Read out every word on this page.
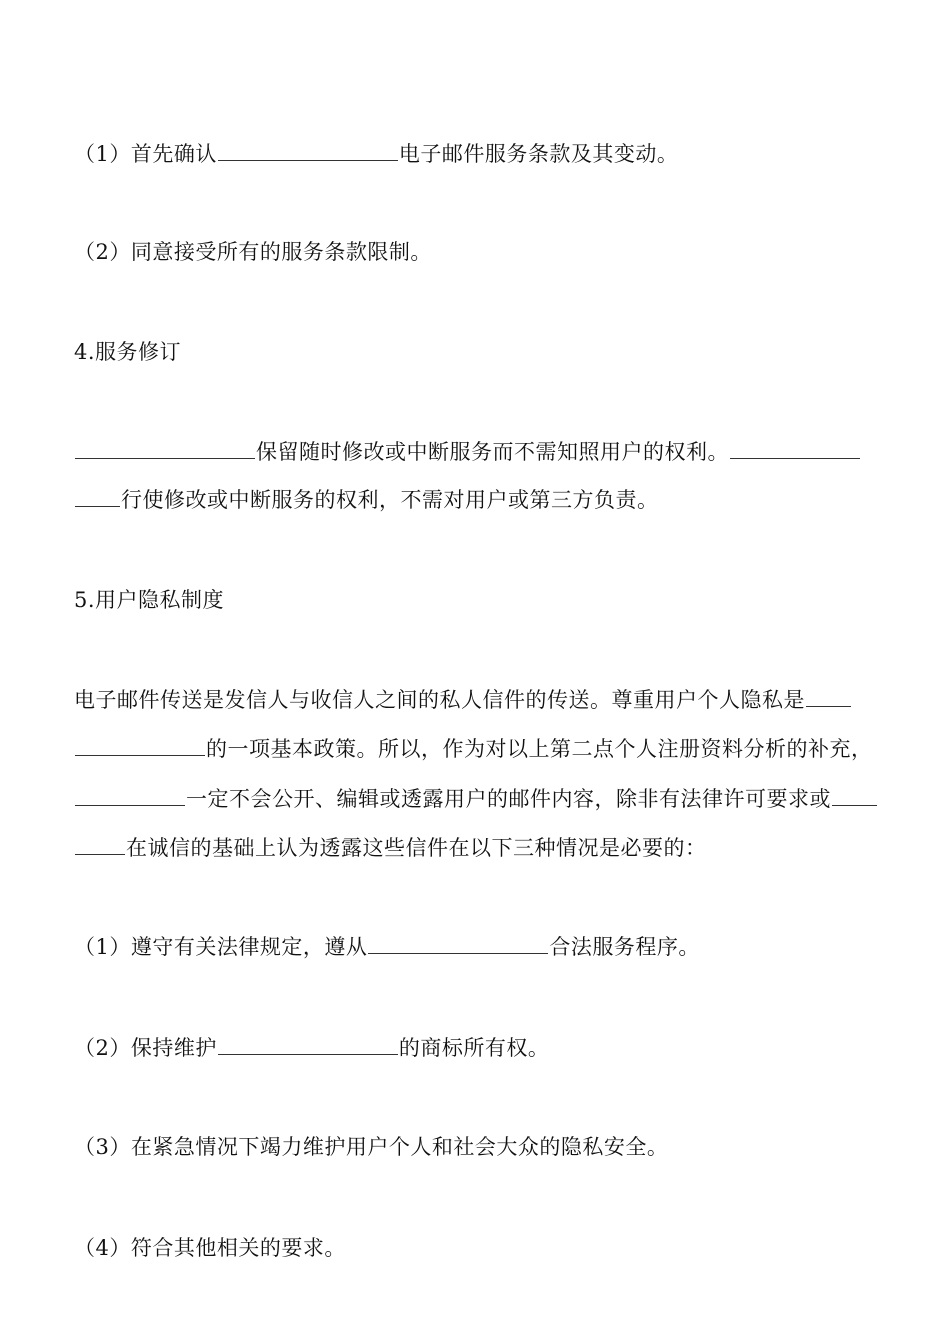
（1）首先确认	电子邮件服务条款及其变动。
（2）同意接受所有的服务条款限制。
4.服务修订
保留随时修改或中断服务而不需知照用户的权利。
行使修改或中断服务的权利，不需对用户或第三方负责。
5.用户隐私制度
电子邮件传送是发信人与收信人之间的私人信件的传送。尊重用户个人隐私是
的一项基本政策。所以，作为对以上第二点个人注册资料分析的补充，
一定不会公开、编辑或透露用户的邮件内容，除非有法律许可要求或
在诚信的基础上认为透露这些信件在以下三种情况是必要的：
（1）遵守有关法律规定，遵从	合法服务程序。
（2）保持维护	的商标所有权。
（3）在紧急情况下竭力维护用户个人和社会大众的隐私安全。
（4）符合其他相关的要求。
